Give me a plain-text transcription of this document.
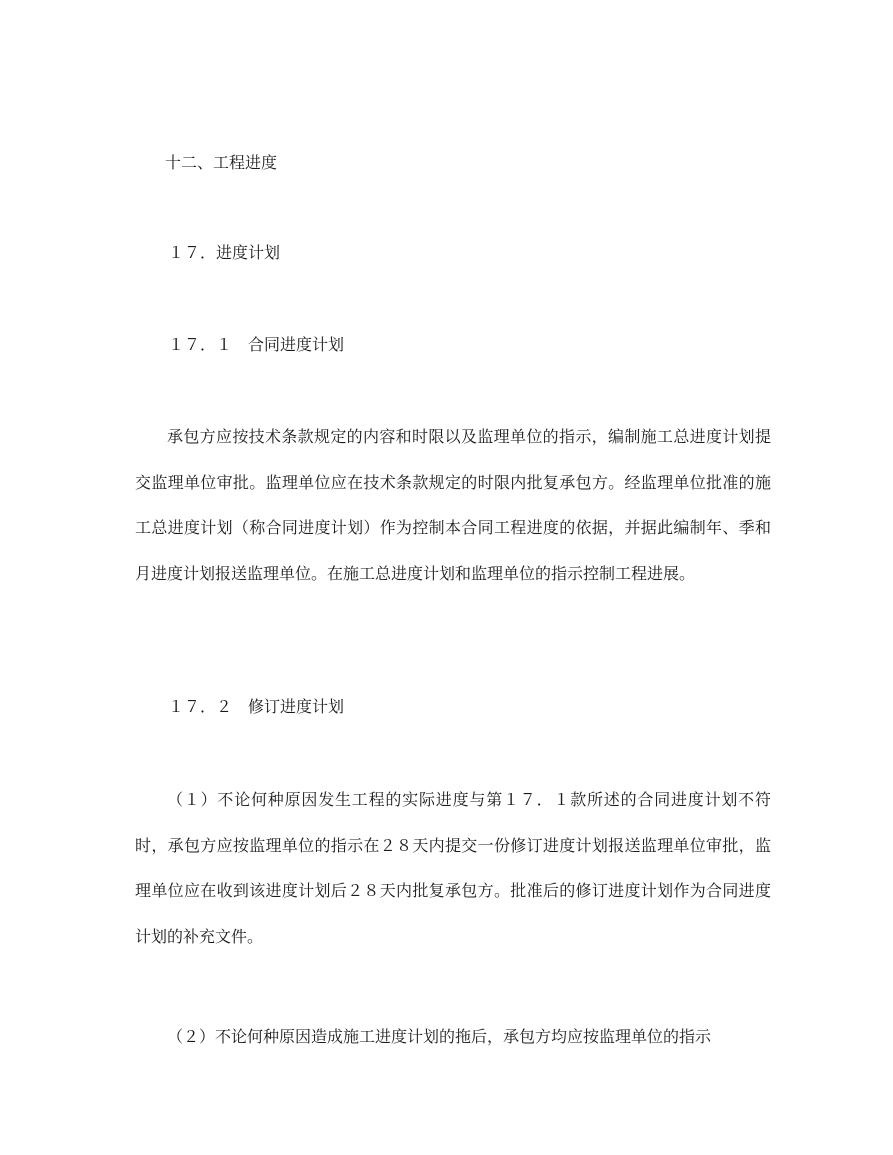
十二、工程进度
１７．进度计划
１７．１　合同进度计划

承包方应按技术条款规定的内容和时限以及监理单位的指示，编制施工总进度计划提交监理单位审批。监理单位应在技术条款规定的时限内批复承包方。经监理单位批准的施工总进度计划（称合同进度计划）作为控制本合同工程进度的依据，并据此编制年、季和月进度计划报送监理单位。在施工总进度计划和监理单位的指示控制工程进展。

１７．２　修订进度计划

（１）不论何种原因发生工程的实际进度与第１７．１款所述的合同进度计划不符时，承包方应按监理单位的指示在２８天内提交一份修订进度计划报送监理单位审批，监理单位应在收到该进度计划后２８天内批复承包方。批准后的修订进度计划作为合同进度计划的补充文件。

（２）不论何种原因造成施工进度计划的拖后，承包方均应按监理单位的指示
